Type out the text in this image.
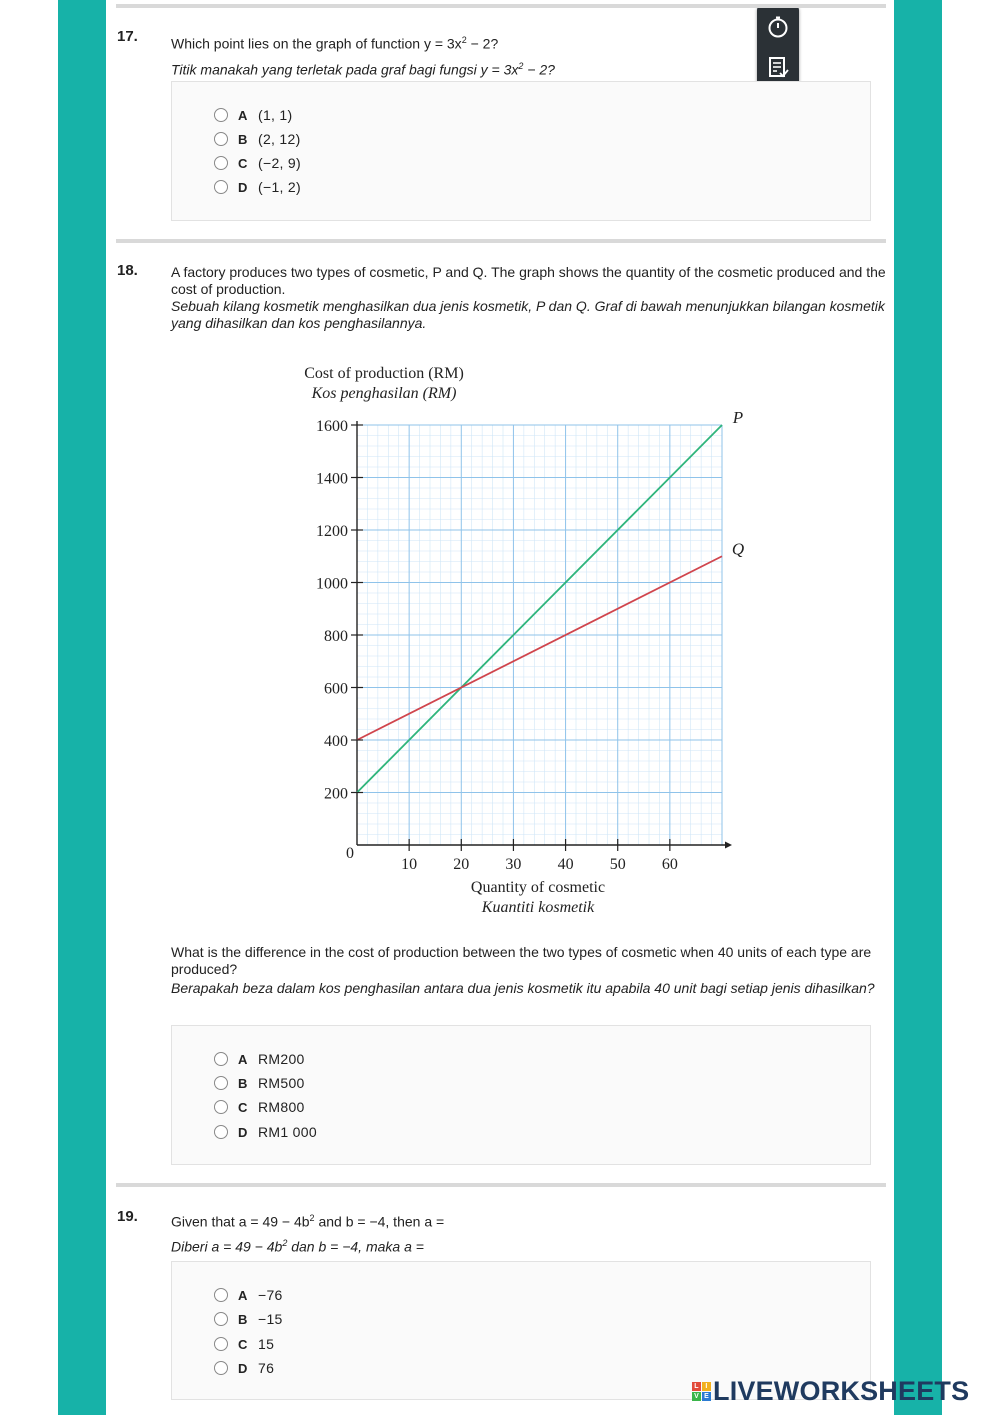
17. Which point lies on the graph of function $y = 3x^2 - 2$?
Titik manakah yang terletak pada graf bagi fungsi $y = 3x^2 - 2$?
A (1, 1)
B (2, 12)
C (−2, 9)
D (−1, 2)
18. A factory produces two types of cosmetic, P and Q. The graph shows the quantity of the cosmetic produced and the cost of production.
Sebuah kilang kosmetik menghasilkan dua jenis kosmetik, P dan Q. Graf di bawah menunjukkan bilangan kosmetik yang dihasilkan dan kos penghasilannya.
Cost of production (RM)
Kos penghasilan (RM)
P
Q
10 20 30 40 50 60
200
400
600
800
1000
1200
1600
1400
0
Quantity of cosmetic
Kuantiti kosmetik
What is the difference in the cost of production between the two types of cosmetic when 40 units of each type are produced?
Berapakah beza dalam kos penghasilan antara dua jenis kosmetik itu apabila 40 unit bagi setiap jenis dihasilkan?
A RM200
B RM500
C RM800
D RM1 000
19. Given that $a = 49 - 4b^2$ and b = −4, then a =
Diberi $a = 49 - 4b^2$ dan b = −4, maka a =
A −76
B −15
C 15
D 76
L I
V E LIVEWORKSHEETS
